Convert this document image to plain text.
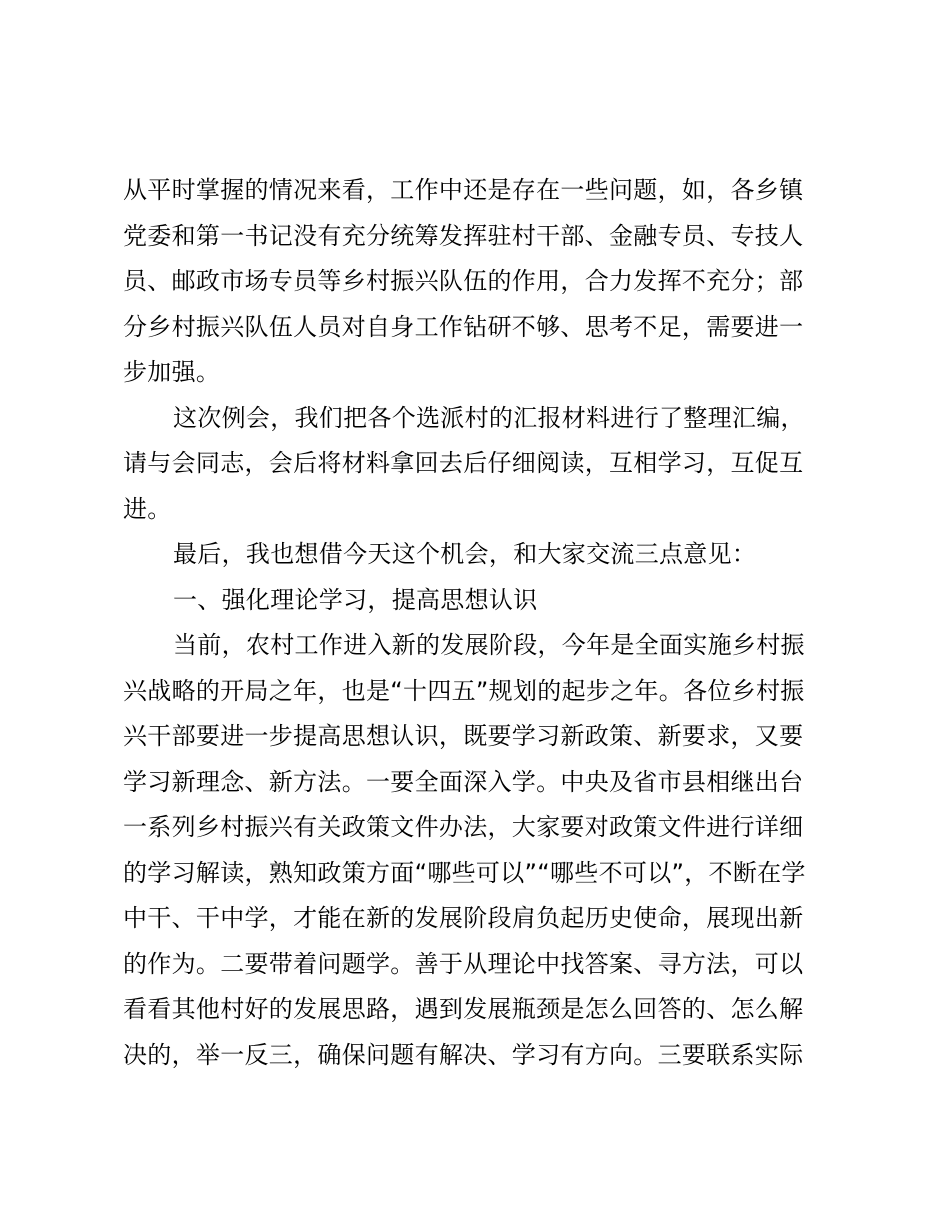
从平时掌握的情况来看，工作中还是存在一些问题，如，各乡镇
党委和第一书记没有充分统筹发挥驻村干部、金融专员、专技人
员、邮政市场专员等乡村振兴队伍的作用，合力发挥不充分；部
分乡村振兴队伍人员对自身工作钻研不够、思考不足，需要进一
步加强。
这次例会，我们把各个选派村的汇报材料进行了整理汇编，
请与会同志，会后将材料拿回去后仔细阅读，互相学习，互促互
进。
最后，我也想借今天这个机会，和大家交流三点意见：
一、强化理论学习，提高思想认识
当前，农村工作进入新的发展阶段，今年是全面实施乡村振
兴战略的开局之年，也是“十四五”规划的起步之年。各位乡村振
兴干部要进一步提高思想认识，既要学习新政策、新要求，又要
学习新理念、新方法。一要全面深入学。中央及省市县相继出台
一系列乡村振兴有关政策文件办法，大家要对政策文件进行详细
的学习解读，熟知政策方面“哪些可以”“哪些不可以”，不断在学
中干、干中学，才能在新的发展阶段肩负起历史使命，展现出新
的作为。二要带着问题学。善于从理论中找答案、寻方法，可以
看看其他村好的发展思路，遇到发展瓶颈是怎么回答的、怎么解
决的，举一反三，确保问题有解决、学习有方向。三要联系实际
